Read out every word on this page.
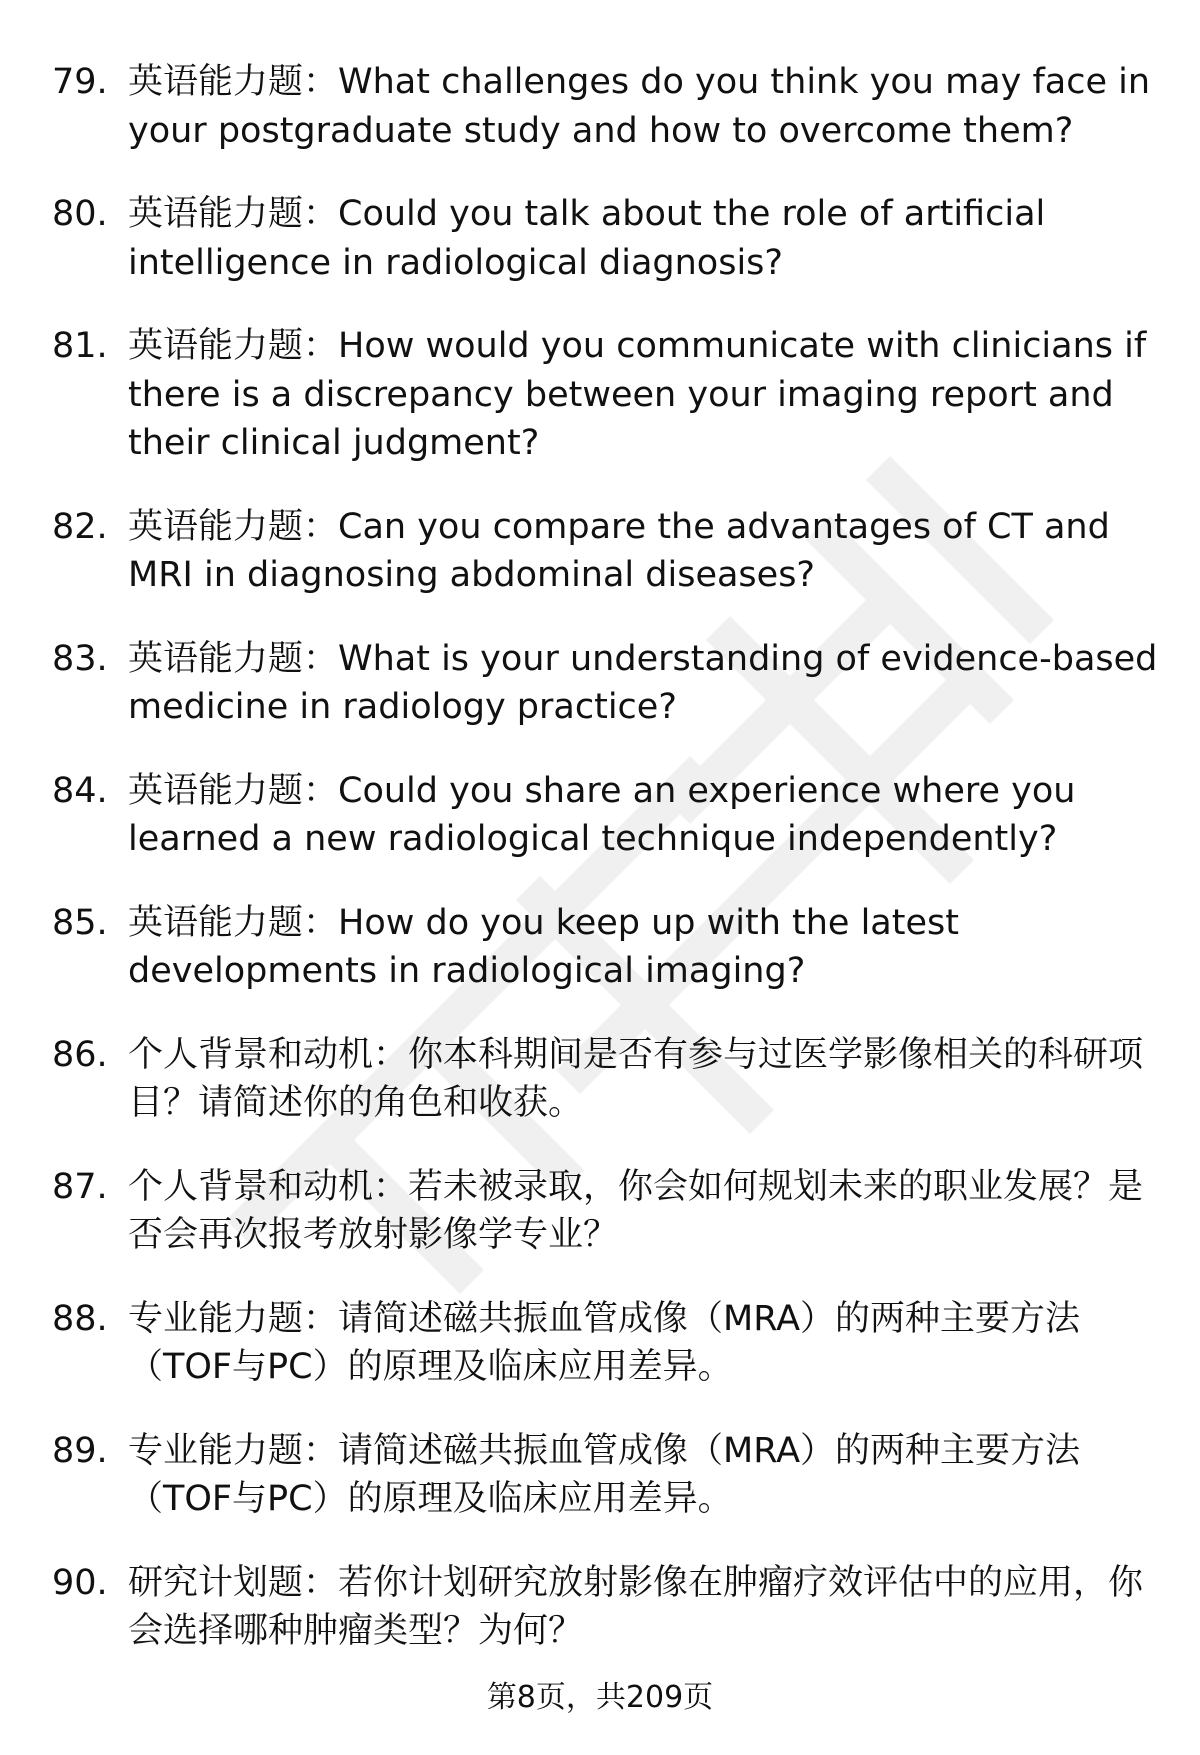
79. 英语能力题：What challenges do you think you may face in your postgraduate study and how to overcome them?
80. 英语能力题：Could you talk about the role of artificial intelligence in radiological diagnosis?
81. 英语能力题：How would you communicate with clinicians if there is a discrepancy between your imaging report and their clinical judgment?
82. 英语能力题：Can you compare the advantages of CT and MRI in diagnosing abdominal diseases?
83. 英语能力题：What is your understanding of evidence-based medicine in radiology practice?
84. 英语能力题：Could you share an experience where you learned a new radiological technique independently?
85. 英语能力题：How do you keep up with the latest developments in radiological imaging?
86. 个人背景和动机：你本科期间是否有参与过医学影像相关的科研项目？请简述你的角色和收获。
87. 个人背景和动机：若未被录取，你会如何规划未来的职业发展？是否会再次报考放射影像学专业？
88. 专业能力题：请简述磁共振血管成像（MRA）的两种主要方法（TOF与PC）的原理及临床应用差异。
89. 专业能力题：请简述磁共振血管成像（MRA）的两种主要方法（TOF与PC）的原理及临床应用差异。
90. 研究计划题：若你计划研究放射影像在肿瘤疗效评估中的应用，你会选择哪种肿瘤类型？为何？
第8页，共209页
